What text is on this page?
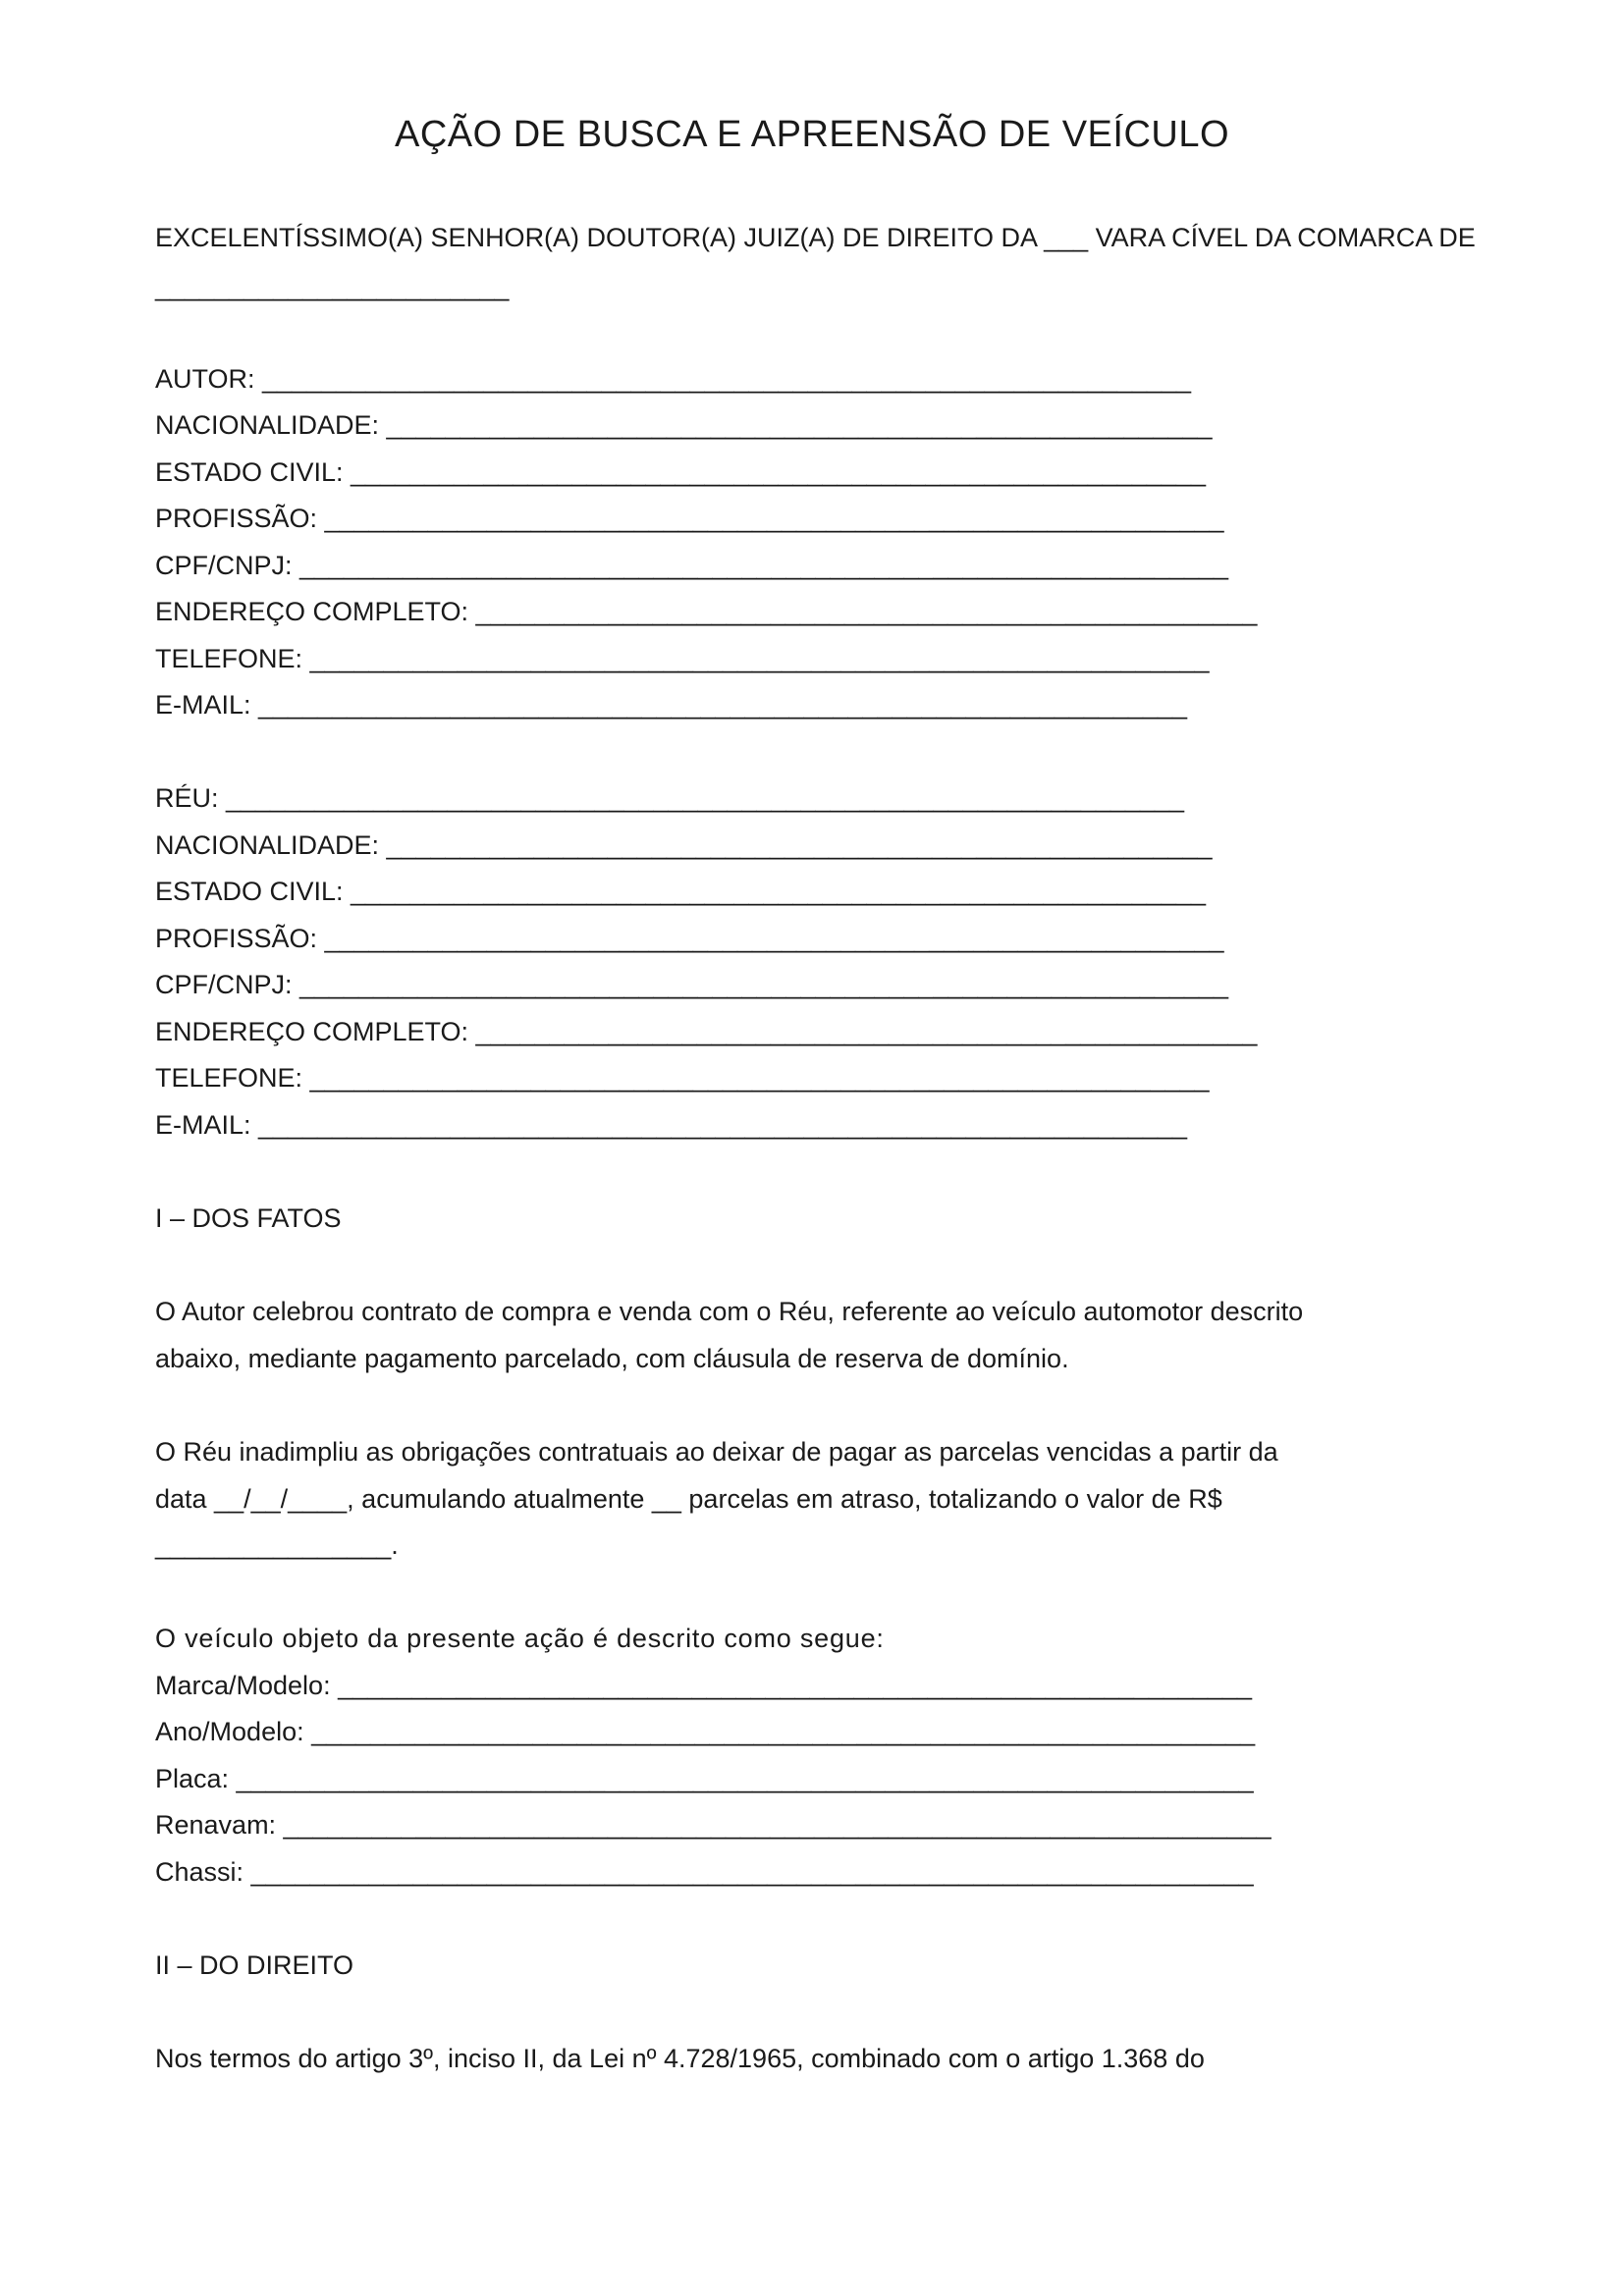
AÇÃO DE BUSCA E APREENSÃO DE VEÍCULO
EXCELENTÍSSIMO(A) SENHOR(A) DOUTOR(A) JUIZ(A) DE DIREITO DA ___ VARA CÍVEL DA COMARCA DE
________________________
AUTOR: _______________________________________________________________
NACIONALIDADE: ________________________________________________________
ESTADO CIVIL: __________________________________________________________
PROFISSÃO: _____________________________________________________________
CPF/CNPJ: _______________________________________________________________
ENDEREÇO COMPLETO: _____________________________________________________
TELEFONE: _____________________________________________________________
E-MAIL: _______________________________________________________________
RÉU: _________________________________________________________________
NACIONALIDADE: ________________________________________________________
ESTADO CIVIL: __________________________________________________________
PROFISSÃO: _____________________________________________________________
CPF/CNPJ: _______________________________________________________________
ENDEREÇO COMPLETO: _____________________________________________________
TELEFONE: _____________________________________________________________
E-MAIL: _______________________________________________________________
I – DOS FATOS
O Autor celebrou contrato de compra e venda com o Réu, referente ao veículo automotor descrito
abaixo, mediante pagamento parcelado, com cláusula de reserva de domínio.
O Réu inadimpliu as obrigações contratuais ao deixar de pagar as parcelas vencidas a partir da
data __/__/____, acumulando atualmente __ parcelas em atraso, totalizando o valor de R$
________________.
O veículo objeto da presente ação é descrito como segue:
Marca/Modelo: ______________________________________________________________
Ano/Modelo: ________________________________________________________________
Placa: _____________________________________________________________________
Renavam: ___________________________________________________________________
Chassi: ____________________________________________________________________
II – DO DIREITO
Nos termos do artigo 3º, inciso II, da Lei nº 4.728/1965, combinado com o artigo 1.368 do
